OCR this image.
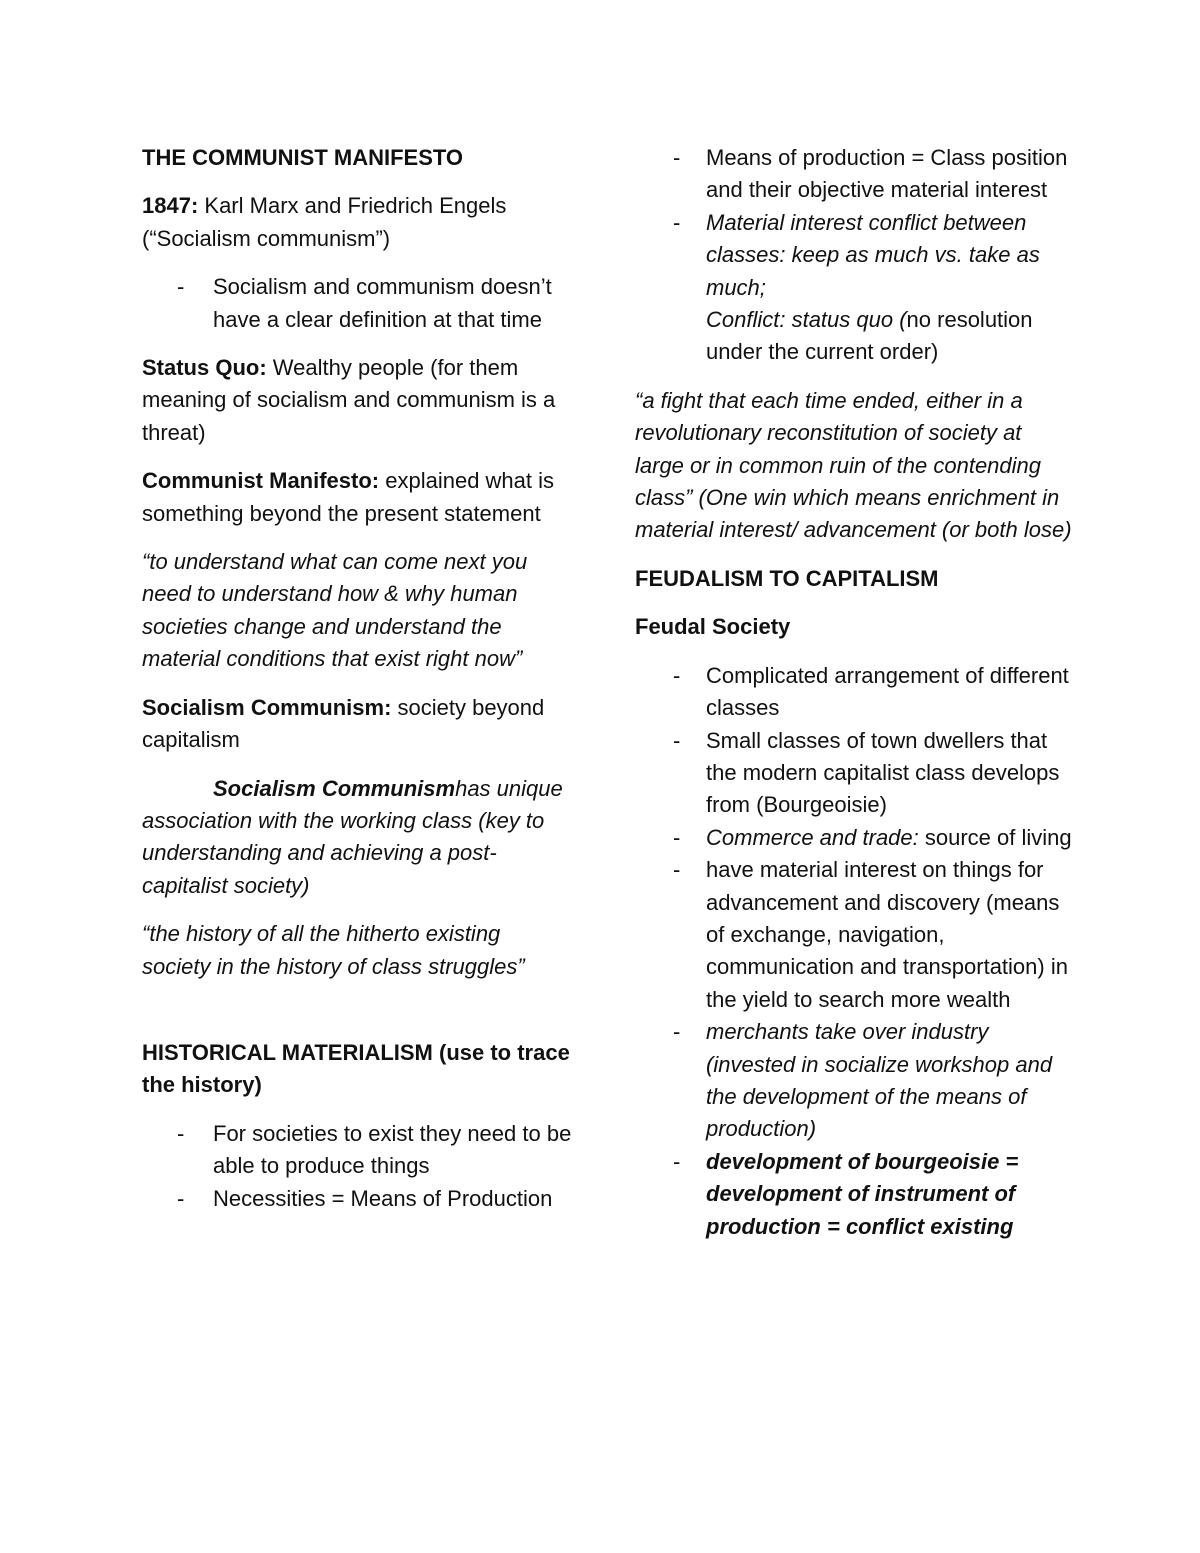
THE COMMUNIST MANIFESTO

1847: Karl Marx and Friedrich Engels (“Socialism communism”)

- Socialism and communism doesn’t have a clear definition at that time

Status Quo: Wealthy people (for them meaning of socialism and communism is a threat)

Communist Manifesto: explained what is something beyond the present statement

“to understand what can come next you need to understand how & why human societies change and understand the material conditions that exist right now”

Socialism Communism: society beyond capitalism

Socialism Communismhas unique association with the working class (key to understanding and achieving a post-capitalist society)

“the history of all the hitherto existing society in the history of class struggles”

HISTORICAL MATERIALISM (use to trace the history)

- For societies to exist they need to be able to produce things
- Necessities = Means of Production
- Means of production = Class position and their objective material interest
- Material interest conflict between classes: keep as much vs. take as much;
Conflict: status quo (no resolution under the current order)

“a fight that each time ended, either in a revolutionary reconstitution of society at large or in common ruin of the contending class” (One win which means enrichment in material interest/ advancement (or both lose)

FEUDALISM TO CAPITALISM

Feudal Society

- Complicated arrangement of different classes
- Small classes of town dwellers that the modern capitalist class develops from (Bourgeoisie)
- Commerce and trade: source of living
- have material interest on things for advancement and discovery (means of exchange, navigation, communication and transportation) in the yield to search more wealth
- merchants take over industry (invested in socialize workshop and the development of the means of production)
- development of bourgeoisie = development of instrument of production = conflict existing
